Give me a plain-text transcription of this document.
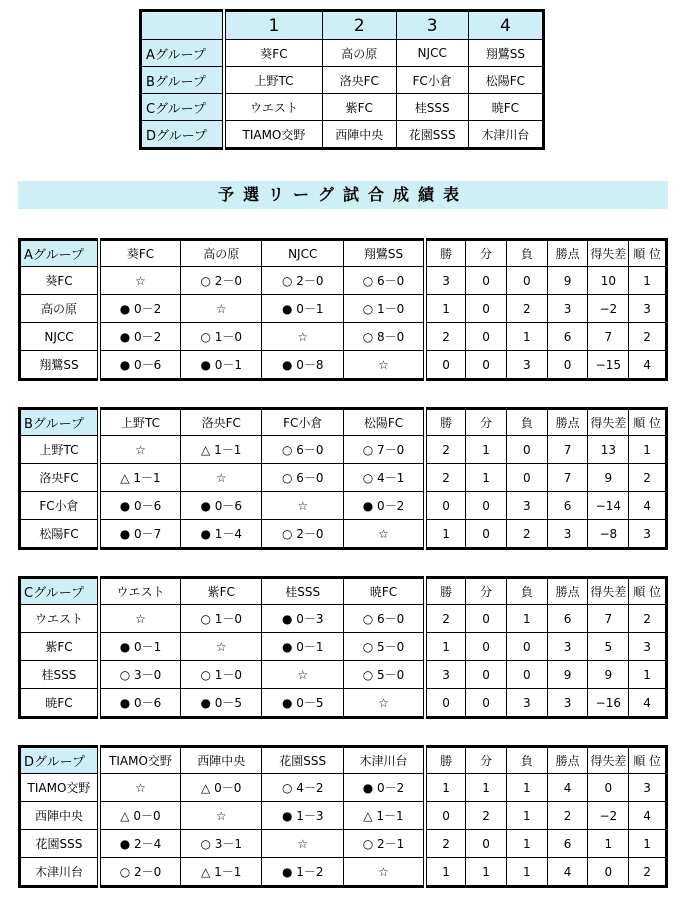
	1	2	3	4
Aグループ	葵FC	高の原	NJCC	翔鷺SS
Bグループ	上野TC	洛央FC	FC小倉	松陽FC
Cグループ	ウエスト	紫FC	桂SSS	暁FC
Dグループ	TIAMO交野	西陣中央	花園SSS	木津川台
予選リーグ試合成績表
Aグループ	葵FC	高の原	NJCC	翔鷺SS	勝	分	負	勝点	得失差	順 位
葵FC	☆	○ 2－0	○ 2－0	○ 6－0	3	0	0	9	10	1
高の原	● 0－2	☆	● 0－1	○ 1－0	1	0	2	3	−2	3
NJCC	● 0－2	○ 1－0	☆	○ 8－0	2	0	1	6	7	2
翔鷺SS	● 0－6	● 0－1	● 0－8	☆	0	0	3	0	−15	4
Bグループ	上野TC	洛央FC	FC小倉	松陽FC	勝	分	負	勝点	得失差	順 位
上野TC	☆	△ 1－1	○ 6－0	○ 7－0	2	1	0	7	13	1
洛央FC	△ 1－1	☆	○ 6－0	○ 4－1	2	1	0	7	9	2
FC小倉	● 0－6	● 0－6	☆	● 0－2	0	0	3	6	−14	4
松陽FC	● 0－7	● 1－4	○ 2－0	☆	1	0	2	3	−8	3
Cグループ	ウエスト	紫FC	桂SSS	暁FC	勝	分	負	勝点	得失差	順 位
ウエスト	☆	○ 1－0	● 0－3	○ 6－0	2	0	1	6	7	2
紫FC	● 0－1	☆	● 0－1	○ 5－0	1	0	0	3	5	3
桂SSS	○ 3－0	○ 1－0	☆	○ 5－0	3	0	0	9	9	1
暁FC	● 0－6	● 0－5	● 0－5	☆	0	0	3	3	−16	4
Dグループ	TIAMO交野	西陣中央	花園SSS	木津川台	勝	分	負	勝点	得失差	順 位
TIAMO交野	☆	△ 0－0	○ 4－2	● 0－2	1	1	1	4	0	3
西陣中央	△ 0－0	☆	● 1－3	△ 1－1	0	2	1	2	−2	4
花園SSS	● 2－4	○ 3－1	☆	○ 2－1	2	0	1	6	1	1
木津川台	○ 2－0	△ 1－1	● 1－2	☆	1	1	1	4	0	2
